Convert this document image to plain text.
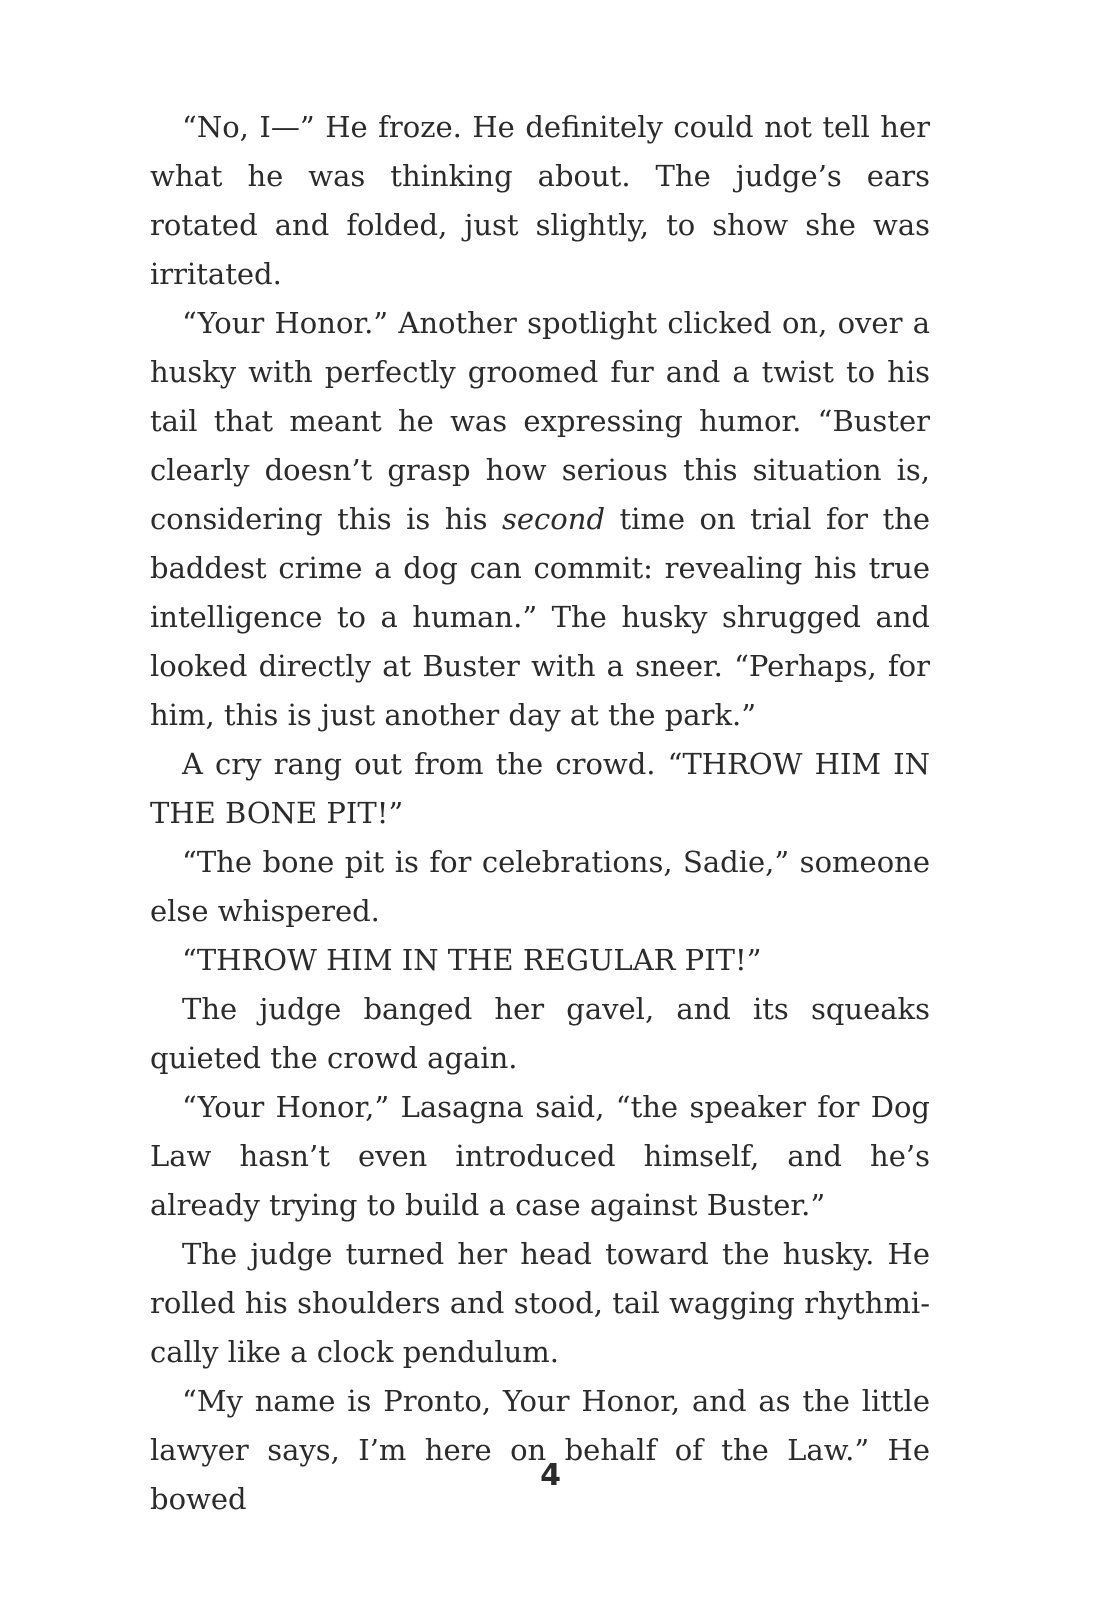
“No, I—” He froze. He definitely could not tell her what he was thinking about. The judge’s ears rotated and folded, just slightly, to show she was irritated.

“Your Honor.” Another spotlight clicked on, over a husky with perfectly groomed fur and a twist to his tail that meant he was expressing humor. “Buster clearly doesn’t grasp how serious this situation is, considering this is his second time on trial for the baddest crime a dog can commit: revealing his true intelligence to a human.” The husky shrugged and looked directly at Buster with a sneer. “Perhaps, for him, this is just another day at the park.”

A cry rang out from the crowd. “THROW HIM IN THE BONE PIT!”

“The bone pit is for celebrations, Sadie,” someone else whispered.

“THROW HIM IN THE REGULAR PIT!”

The judge banged her gavel, and its squeaks quieted the crowd again.

“Your Honor,” Lasagna said, “the speaker for Dog Law hasn’t even introduced himself, and he’s already trying to build a case against Buster.”

The judge turned her head toward the husky. He rolled his shoulders and stood, tail wagging rhythmically like a clock pendulum.

“My name is Pronto, Your Honor, and as the little lawyer says, I’m here on behalf of the Law.” He bowed

4
